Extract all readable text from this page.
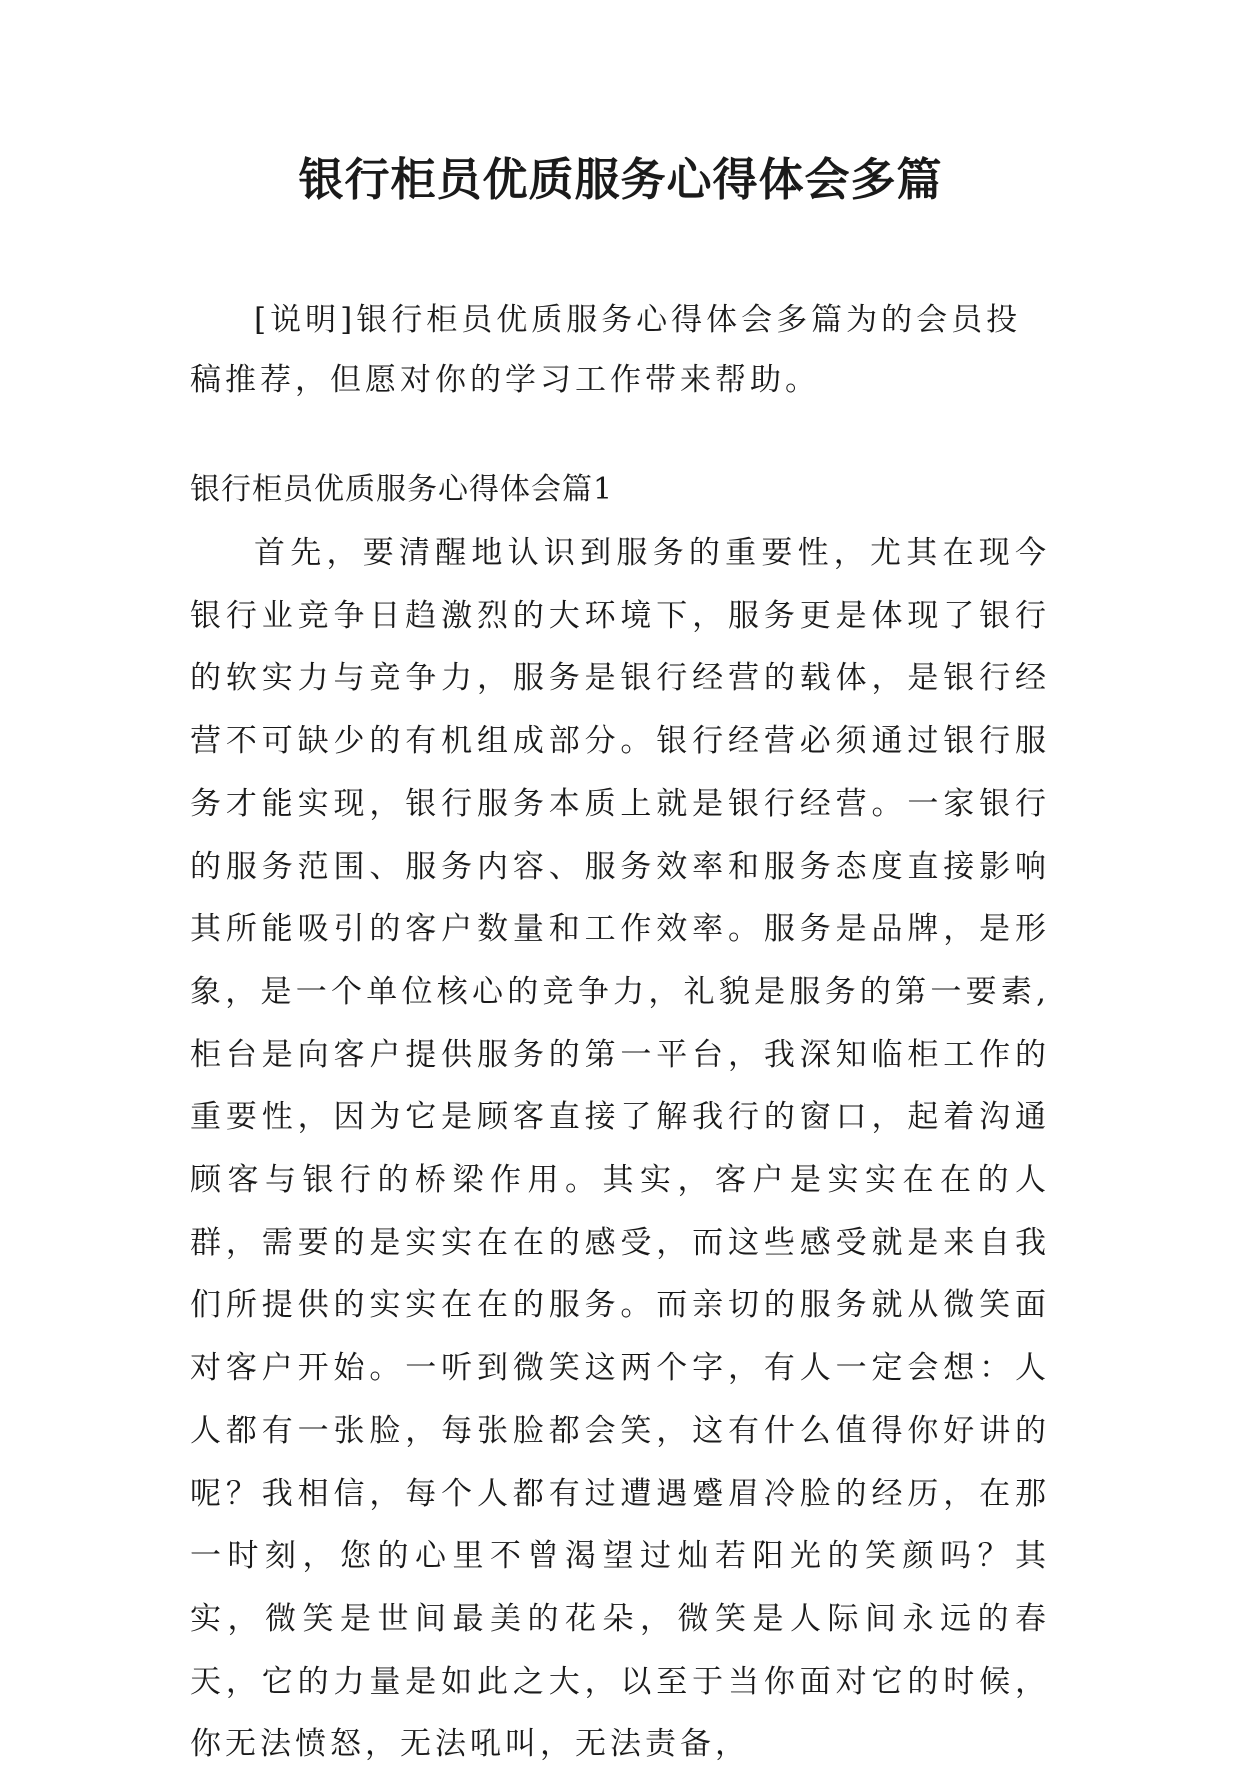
银行柜员优质服务心得体会多篇

[说明]银行柜员优质服务心得体会多篇为的会员投稿推荐，但愿对你的学习工作带来帮助。

银行柜员优质服务心得体会篇1

首先，要清醒地认识到服务的重要性，尤其在现今银行业竞争日趋激烈的大环境下，服务更是体现了银行的软实力与竞争力，服务是银行经营的载体，是银行经营不可缺少的有机组成部分。银行经营必须通过银行服务才能实现，银行服务本质上就是银行经营。一家银行的服务范围、服务内容、服务效率和服务态度直接影响其所能吸引的客户数量和工作效率。服务是品牌，是形象，是一个单位核心的竞争力，礼貌是服务的第一要素,柜台是向客户提供服务的第一平台，我深知临柜工作的重要性，因为它是顾客直接了解我行的窗口，起着沟通顾客与银行的桥梁作用。其实，客户是实实在在的人群，需要的是实实在在的感受，而这些感受就是来自我们所提供的实实在在的服务。而亲切的服务就从微笑面对客户开始。一听到微笑这两个字，有人一定会想：人人都有一张脸，每张脸都会笑，这有什么值得你好讲的呢？我相信，每个人都有过遭遇蹙眉冷脸的经历，在那一时刻，您的心里不曾渴望过灿若阳光的笑颜吗？其实，微笑是世间最美的花朵，微笑是人际间永远的春天，它的力量是如此之大，以至于当你面对它的时候，你无法愤怒，无法吼叫，无法责备，
